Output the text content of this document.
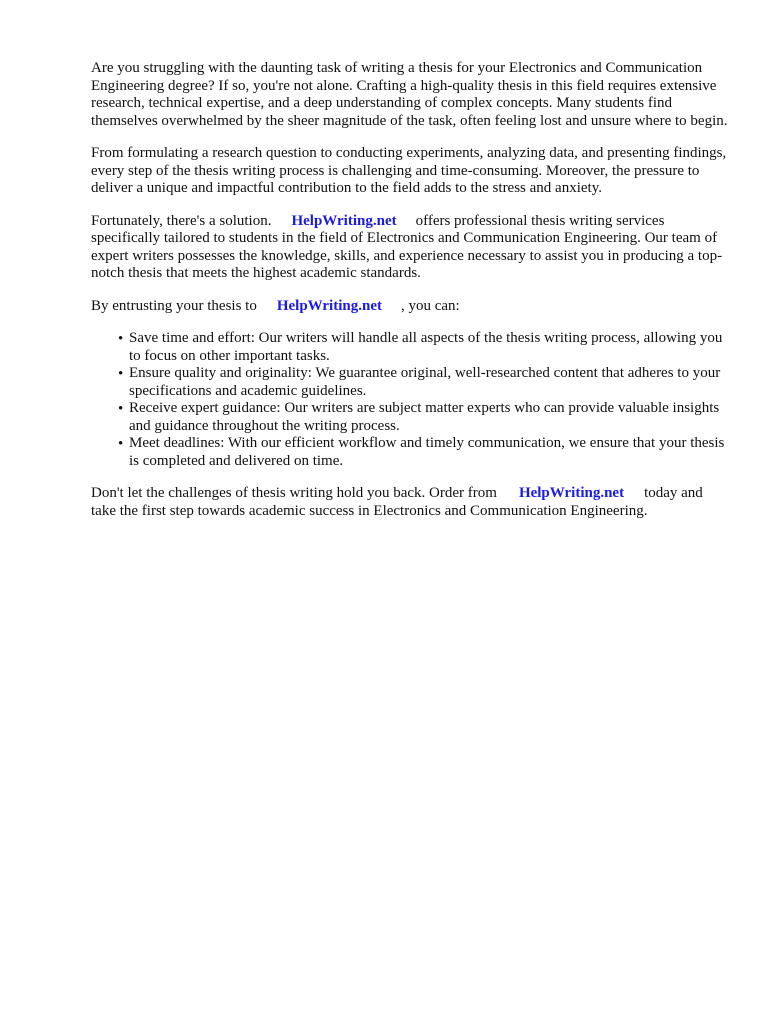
Are you struggling with the daunting task of writing a thesis for your Electronics and Communication Engineering degree? If so, you're not alone. Crafting a high-quality thesis in this field requires extensive research, technical expertise, and a deep understanding of complex concepts. Many students find themselves overwhelmed by the sheer magnitude of the task, often feeling lost and unsure where to begin.

From formulating a research question to conducting experiments, analyzing data, and presenting findings, every step of the thesis writing process is challenging and time-consuming. Moreover, the pressure to deliver a unique and impactful contribution to the field adds to the stress and anxiety.

Fortunately, there's a solution. HelpWriting.net offers professional thesis writing services specifically tailored to students in the field of Electronics and Communication Engineering. Our team of expert writers possesses the knowledge, skills, and experience necessary to assist you in producing a top-notch thesis that meets the highest academic standards.

By entrusting your thesis to HelpWriting.net , you can:

• Save time and effort: Our writers will handle all aspects of the thesis writing process, allowing you to focus on other important tasks.
• Ensure quality and originality: We guarantee original, well-researched content that adheres to your specifications and academic guidelines.
• Receive expert guidance: Our writers are subject matter experts who can provide valuable insights and guidance throughout the writing process.
• Meet deadlines: With our efficient workflow and timely communication, we ensure that your thesis is completed and delivered on time.

Don't let the challenges of thesis writing hold you back. Order from HelpWriting.net today and take the first step towards academic success in Electronics and Communication Engineering.
